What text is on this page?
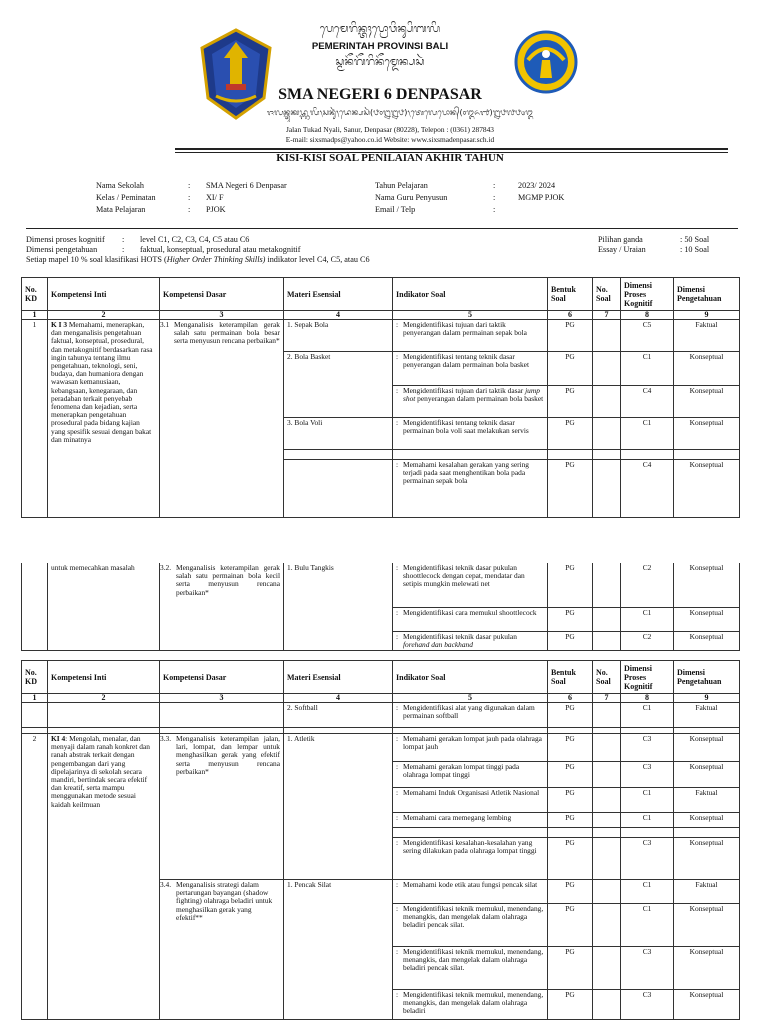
ᬧᬾᬫᬾᬭᬶᬦ᭄ᬢᬄᬧ᭄ᬭᭀᬯᬶᬦ᭄ᬲᬶᬩᬮᬶ
PEMERINTAH PROVINSI BALI
ᬲ᭄ᬫᬦᭂᬕᭂᬭᬶᬦᭂᬫ᭄ᬤᬾᬦ᭄ᬧᬲᬃ
SMA NEGERI 6 DENPASAR
ᬚᬮᬦ᭄ᬢᬸᬓᬤ᭄ᬜᬮᬶ᭞ᬲᬦᬸᬃ᭞ᬤᬾᬦ᭄ᬧᬲᬃ(᭘᭐᭒᭒᭘)᭞ᬢᬾᬮᬾᬧᭀᬦ᭄(᭐᭓᭖᭑)᭒᭘᭗᭘᭔᭓
Jalan Tukad Nyali, Sanur, Denpasar (80228), Telepon : (0361) 287843
E-mail: sixsmadps@yahoo.co.id Website: www.sixsmadenpasar.sch.id
KISI-KISI SOAL PENILAIAN AKHIR TAHUN
Nama Sekolah	:	SMA Negeri 6 Denpasar
Kelas / Peminatan	:	XI/ F
Mata Pelajaran	:	PJOK
Tahun Pelajaran	:	2023/ 2024
Nama Guru Penyusun	:	MGMP PJOK
Email / Telp	:
Dimensi proses kognitif	:	level C1, C2, C3, C4, C5 atau C6
Dimensi pengetahuan	:	faktual, konseptual, prosedural atau metakognitif
Setiap mapel 10 % soal klasifikasi HOTS (Higher Order Thinking Skills) indikator level C4, C5, atau C6
Pilihan ganda	: 50 Soal
Essay / Uraian	: 10 Soal
No. KD	Kompetensi Inti	Kompetensi Dasar	Materi Esensial	Indikator Soal	Bentuk Soal	No. Soal	Dimensi Proses Kognitif	Dimensi Pengetahuan
1	2	3	4	5	6	7	8	9
1	K I 3 Memahami, menerapkan, dan menganalisis pengetahuan faktual, konseptual, prosedural, dan metakognitif berdasarkan rasa ingin tahunya tentang ilmu pengetahuan, teknologi, seni, budaya, dan humaniora dengan wawasan kemanusiaan, kebangsaan, kenegaraan, dan peradaban terkait penyebab fenomena dan kejadian, serta menerapkan pengetahuan prosedural pada bidang kajian yang spesifik sesuai dengan bakat dan minatnya	3.1 Menganalisis keterampilan gerak salah satu permainan bola besar serta menyusun rencana perbaikan*	1. Sepak Bola	: Mengidentifikasi tujuan dari taktik penyerangan dalam permainan sepak bola	PG		C5	Faktual
			2. Bola Basket	: Mengidentifikasi tentang teknik dasar penyerangan dalam permainan bola basket	PG		C1	Konseptual

				: Mengidentifikasi tujuan dari taktik dasar jump shot penyerangan dalam permainan bola basket	PG		C4	Konseptual
			3. Bola Voli	: Mengidentifikasi tentang teknik dasar permainan bola voli saat melakukan servis	PG		C1	Konseptual

				: Memahami kesalahan gerakan yang sering terjadi pada saat menghentikan bola pada permainan sepak bola	PG		C4	Konseptual
	untuk memecahkan masalah	3.2. Menganalisis keterampilan gerak salah satu permainan bola kecil serta menyusun rencana perbaikan*	1. Bulu Tangkis	: Mengidentifikasi teknik dasar pukulan shoottlecock dengan cepat, mendatar dan setipis mungkin melewati net	PG		C2	Konseptual

				: Mengidentifikasi cara memukul shoottlecock	PG		C1	Konseptual

				: Mengidentifikasi teknik dasar pukulan forehand dan backhand	PG		C2	Konseptual
No. KD	Kompetensi Inti	Kompetensi Dasar	Materi Esensial	Indikator Soal	Bentuk Soal	No. Soal	Dimensi Proses Kognitif	Dimensi Pengetahuan
1	2	3	4	5	6	7	8	9
			2. Softball	: Mengidentifikasi alat yang digunakan dalam permainan softball	PG		C1	Faktual

2	KI 4: Mengolah, menalar, dan menyaji dalam ranah konkret dan ranah abstrak terkait dengan pengembangan dari yang dipelajarinya di sekolah secara mandiri, bertindak secara efektif dan kreatif, serta mampu menggunakan metode sesuai kaidah keilmuan	3.3. Menganalisis keterampilan jalan, lari, lompat, dan lempar untuk menghasilkan gerak yang efektif serta menyusun rencana perbaikan*	1. Atletik	: Memahami gerakan lompat jauh pada olahraga lompat jauh	PG		C3	Konseptual

				: Memahami gerakan lompat tinggi pada olahraga lompat tinggi	PG		C3	Konseptual

				: Memahami Induk Organisasi Atletik Nasional	PG		C1	Faktual

				: Memahami cara memegang lembing	PG		C1	Konseptual

				: Mengidentifikasi kesalahan-kesalahan yang sering dilakukan pada olahraga lompat tinggi	PG		C3	Konseptual

		3.4. Menganalisis strategi dalam pertarungan bayangan (shadow fighting) olahraga beladiri untuk menghasilkan gerak yang efektif**	1. Pencak Silat	: Memahami kode etik atau fungsi pencak silat	PG		C1	Faktual

				: Mengidentifikasi teknik memukul, menendang, menangkis, dan mengelak dalam olahraga beladiri pencak silat.	PG		C1	Konseptual

				: Mengidentifikasi teknik memukul, menendang, menangkis, dan mengelak dalam olahraga beladiri pencak silat.	PG		C3	Konseptual

				: Mengidentifikasi teknik memukul, menendang, menangkis, dan mengelak dalam olahraga beladiri	PG		C3	Konseptual
